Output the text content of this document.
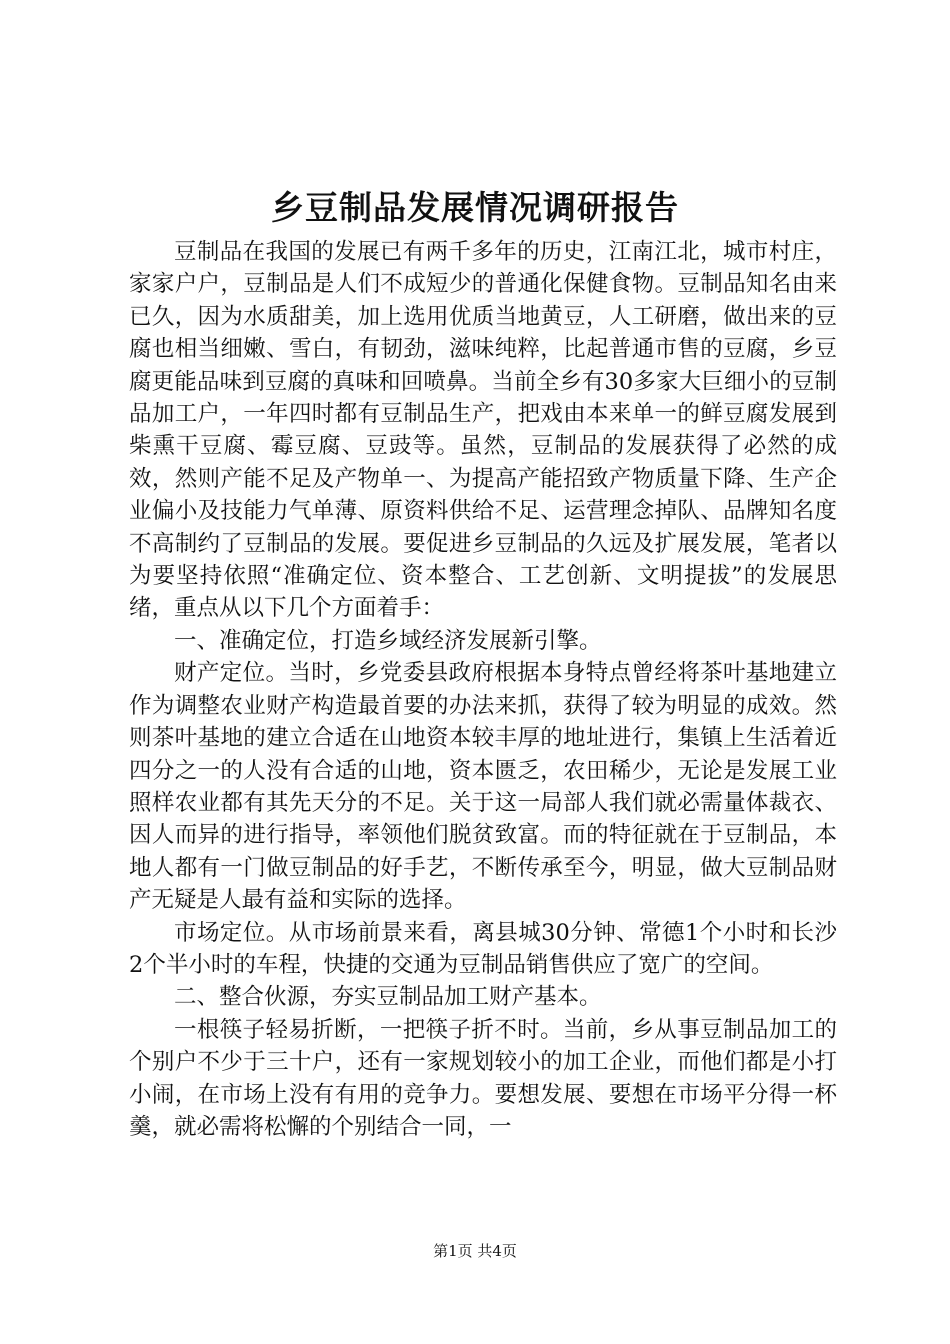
乡豆制品发展情况调研报告

豆制品在我国的发展已有两千多年的历史，江南江北，城市村庄，家家户户，豆制品是人们不成短少的普通化保健食物。豆制品知名由来已久，因为水质甜美，加上选用优质当地黄豆，人工研磨，做出来的豆腐也相当细嫩、雪白，有韧劲，滋味纯粹，比起普通市售的豆腐，乡豆腐更能品味到豆腐的真味和回喷鼻。当前全乡有30多家大巨细小的豆制品加工户，一年四时都有豆制品生产，把戏由本来单一的鲜豆腐发展到柴熏干豆腐、霉豆腐、豆豉等。虽然，豆制品的发展获得了必然的成效，然则产能不足及产物单一、为提高产能招致产物质量下降、生产企业偏小及技能力气单薄、原资料供给不足、运营理念掉队、品牌知名度不高制约了豆制品的发展。要促进乡豆制品的久远及扩展发展，笔者以为要坚持依照“准确定位、资本整合、工艺创新、文明提拔”的发展思绪，重点从以下几个方面着手：

一、准确定位，打造乡域经济发展新引擎。

财产定位。当时，乡党委县政府根据本身特点曾经将茶叶基地建立作为调整农业财产构造最首要的办法来抓，获得了较为明显的成效。然则茶叶基地的建立合适在山地资本较丰厚的地址进行，集镇上生活着近四分之一的人没有合适的山地，资本匮乏，农田稀少，无论是发展工业照样农业都有其先天分的不足。关于这一局部人我们就必需量体裁衣、因人而异的进行指导，率领他们脱贫致富。而的特征就在于豆制品，本地人都有一门做豆制品的好手艺，不断传承至今，明显，做大豆制品财产无疑是人最有益和实际的选择。

市场定位。从市场前景来看，离县城30分钟、常德1个小时和长沙2个半小时的车程，快捷的交通为豆制品销售供应了宽广的空间。

二、整合伙源，夯实豆制品加工财产基本。

一根筷子轻易折断，一把筷子折不时。当前，乡从事豆制品加工的个别户不少于三十户，还有一家规划较小的加工企业，而他们都是小打小闹，在市场上没有有用的竞争力。要想发展、要想在市场平分得一杯羹，就必需将松懈的个别结合一同，一

第1页 共4页
